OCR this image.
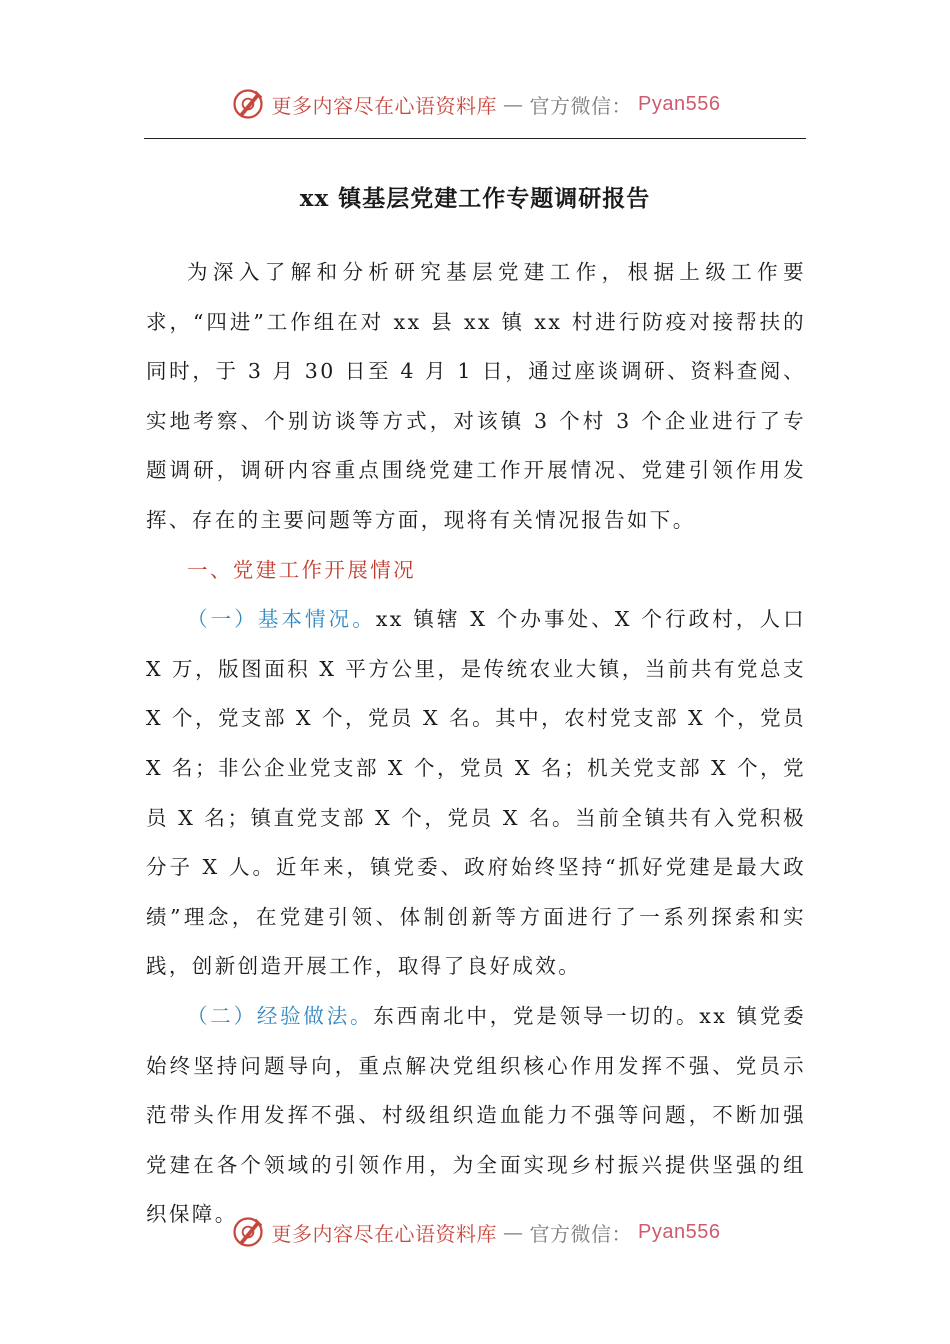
更多内容尽在心语资料库 — 官方微信： Pyan556
xx 镇基层党建工作专题调研报告

为深入了解和分析研究基层党建工作，根据上级工作要求，“四进”工作组在对 xx 县 xx 镇 xx 村进行防疫对接帮扶的同时，于 3 月 30 日至 4 月 1 日，通过座谈调研、资料查阅、实地考察、个别访谈等方式，对该镇 3 个村 3 个企业进行了专题调研，调研内容重点围绕党建工作开展情况、党建引领作用发挥、存在的主要问题等方面，现将有关情况报告如下。

一、党建工作开展情况

（一）基本情况。xx 镇辖 X 个办事处、X 个行政村，人口 X 万，版图面积 X 平方公里，是传统农业大镇，当前共有党总支 X 个，党支部 X 个，党员 X 名。其中，农村党支部 X 个，党员 X 名；非公企业党支部 X 个，党员 X 名；机关党支部 X 个，党员 X 名；镇直党支部 X 个，党员 X 名。当前全镇共有入党积极分子 X 人。近年来，镇党委、政府始终坚持“抓好党建是最大政绩”理念，在党建引领、体制创新等方面进行了一系列探索和实践，创新创造开展工作，取得了良好成效。

（二）经验做法。东西南北中，党是领导一切的。xx 镇党委始终坚持问题导向，重点解决党组织核心作用发挥不强、党员示范带头作用发挥不强、村级组织造血能力不强等问题，不断加强党建在各个领域的引领作用，为全面实现乡村振兴提供坚强的组织保障。

更多内容尽在心语资料库 — 官方微信： Pyan556
